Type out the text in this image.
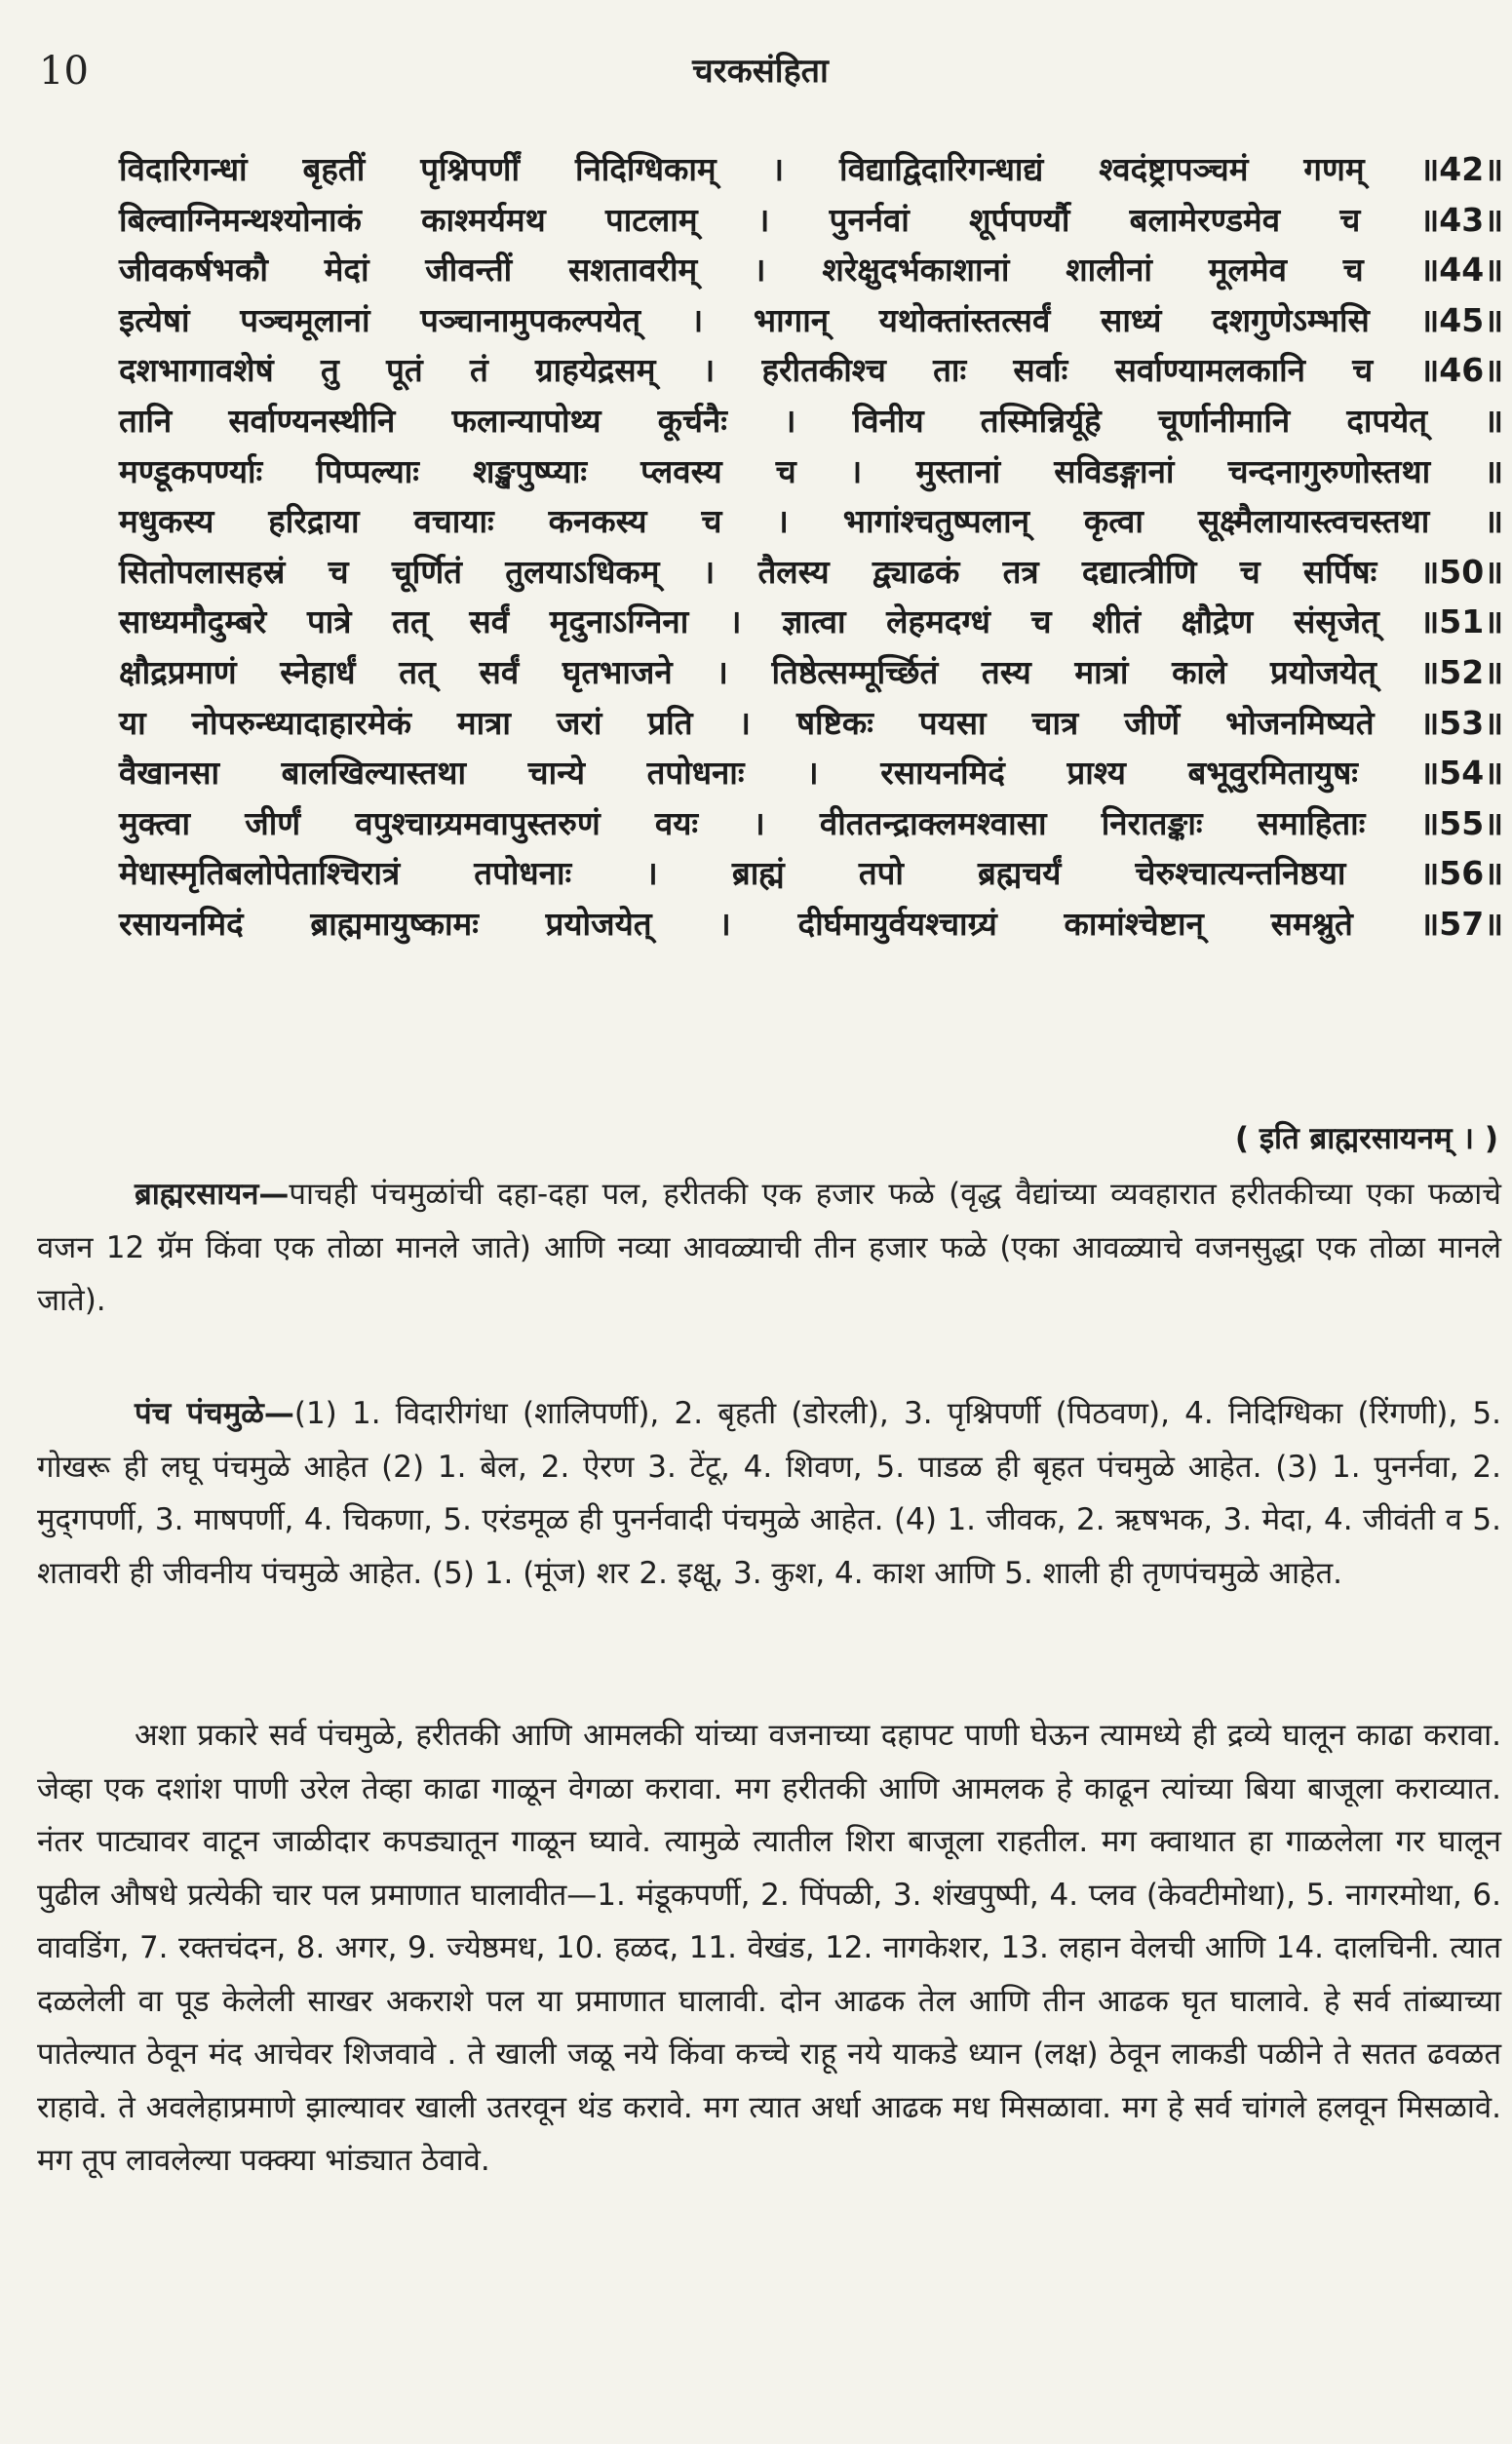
10	चरकसंहिता
विदारिगन्धां बृहतीं पृश्निपर्णीं निदिग्धिकाम् । विद्याद्विदारिगन्धाद्यं श्वदंष्ट्रापञ्चमं गणम् ॥42॥
बिल्वाग्निमन्थश्योनाकं काश्मर्यमथ पाटलाम् । पुनर्नवां शूर्पपर्ण्यौ बलामेरण्डमेव च ॥43॥
जीवकर्षभकौ मेदां जीवन्तीं सशतावरीम् । शरेक्षुदर्भकाशानां शालीनां मूलमेव च ॥44॥
इत्येषां पञ्चमूलानां पञ्चानामुपकल्पयेत् । भागान् यथोक्तांस्तत्सर्वं साध्यं दशगुणेऽम्भसि ॥45॥
दशभागावशेषं तु पूतं तं ग्राहयेद्रसम् । हरीतकीश्च ताः सर्वाः सर्वाण्यामलकानि च ॥46॥
तानि सर्वाण्यनस्थीनि फलान्यापोथ्य कूर्चनैः । विनीय तस्मिन्निर्यूहे चूर्णानीमानि दापयेत् ॥
मण्डूकपर्ण्याः पिप्पल्याः शङ्खपुष्प्याः प्लवस्य च । मुस्तानां सविडङ्गानां चन्दनागुरुणोस्तथा ॥
मधुकस्य हरिद्राया वचायाः कनकस्य च । भागांश्चतुष्पलान् कृत्वा सूक्ष्मैलायास्त्वचस्तथा ॥
सितोपलासहस्रं च चूर्णितं तुलयाऽधिकम् । तैलस्य द्व्याढकं तत्र दद्यात्त्रीणि च सर्पिषः ॥50॥
साध्यमौदुम्बरे पात्रे तत् सर्वं मृदुनाऽग्निना । ज्ञात्वा लेहमदग्धं च शीतं क्षौद्रेण संसृजेत् ॥51॥
क्षौद्रप्रमाणं स्नेहार्धं तत् सर्वं घृतभाजने । तिष्ठेत्सम्मूर्च्छितं तस्य मात्रां काले प्रयोजयेत् ॥52॥
या नोपरुन्ध्यादाहारमेकं मात्रा जरां प्रति । षष्टिकः पयसा चात्र जीर्णे भोजनमिष्यते ॥53॥
वैखानसा बालखिल्यास्तथा चान्ये तपोधनाः । रसायनमिदं प्राश्य बभूवुरमितायुषः ॥54॥
मुक्त्वा जीर्णं वपुश्चाग्र्यमवापुस्तरुणं वयः । वीततन्द्राक्लमश्वासा निरातङ्काः समाहिताः ॥55॥
मेधास्मृतिबलोपेताश्चिरात्रं तपोधनाः । ब्राह्मं तपो ब्रह्मचर्यं चेरुश्चात्यन्तनिष्ठया ॥56॥
रसायनमिदं ब्राह्ममायुष्कामः प्रयोजयेत् । दीर्घमायुर्वयश्चाग्र्यं कामांश्चेष्टान् समश्नुते ॥57॥
( इति ब्राह्मरसायनम् । )

ब्राह्मरसायन—पाचही पंचमुळांची दहा-दहा पल, हरीतकी एक हजार फळे (वृद्ध वैद्यांच्या व्यवहारात हरीतकीच्या एका फळाचे वजन 12 ग्रॅम किंवा एक तोळा मानले जाते) आणि नव्या आवळ्याची तीन हजार फळे (एका आवळ्याचे वजनसुद्धा एक तोळा मानले जाते).

पंच पंचमुळे—(1) 1. विदारीगंधा (शालिपर्णी), 2. बृहती (डोरली), 3. पृश्निपर्णी (पिठवण), 4. निदिग्धिका (रिंगणी), 5. गोखरू ही लघू पंचमुळे आहेत (2) 1. बेल, 2. ऐरण 3. टेंटू, 4. शिवण, 5. पाडळ ही बृहत पंचमुळे आहेत. (3) 1. पुनर्नवा, 2. मुद्‌गपर्णी, 3. माषपर्णी, 4. चिकणा, 5. एरंडमूळ ही पुनर्नवादी पंचमुळे आहेत. (4) 1. जीवक, 2. ऋषभक, 3. मेदा, 4. जीवंती व 5. शतावरी ही जीवनीय पंचमुळे आहेत. (5) 1. (मूंज) शर 2. इक्षू, 3. कुश, 4. काश आणि 5. शाली ही तृणपंचमुळे आहेत.

अशा प्रकारे सर्व पंचमुळे, हरीतकी आणि आमलकी यांच्या वजनाच्या दहापट पाणी घेऊन त्यामध्ये ही द्रव्ये घालून काढा करावा. जेव्हा एक दशांश पाणी उरेल तेव्हा काढा गाळून वेगळा करावा. मग हरीतकी आणि आमलक हे काढून त्यांच्या बिया बाजूला कराव्यात. नंतर पाट्यावर वाटून जाळीदार कपड्यातून गाळून घ्यावे. त्यामुळे त्यातील शिरा बाजूला राहतील. मग क्वाथात हा गाळलेला गर घालून पुढील औषधे प्रत्येकी चार पल प्रमाणात घालावीत—1. मंडूकपर्णी, 2. पिंपळी, 3. शंखपुष्पी, 4. प्लव (केवटीमोथा), 5. नागरमोथा, 6. वावडिंग, 7. रक्तचंदन, 8. अगर, 9. ज्येष्ठमध, 10. हळद, 11. वेखंड, 12. नागकेशर, 13. लहान वेलची आणि 14. दालचिनी. त्यात दळलेली वा पूड केलेली साखर अकराशे पल या प्रमाणात घालावी. दोन आढक तेल आणि तीन आढक घृत घालावे. हे सर्व तांब्याच्या पातेल्यात ठेवून मंद आचेवर शिजवावे . ते खाली जळू नये किंवा कच्चे राहू नये याकडे ध्यान (लक्ष) ठेवून लाकडी पळीने ते सतत ढवळत राहावे. ते अवलेहाप्रमाणे झाल्यावर खाली उतरवून थंड करावे. मग त्यात अर्धा आढक मध मिसळावा. मग हे सर्व चांगले हलवून मिसळावे. मग तूप लावलेल्या पक्क्या भांड्यात ठेवावे.
